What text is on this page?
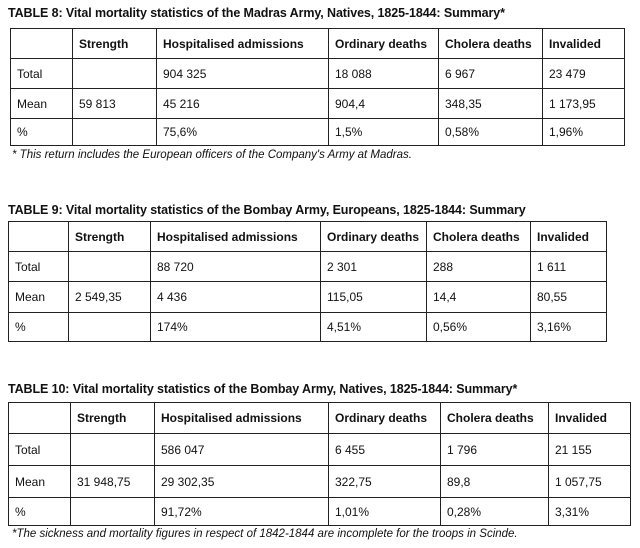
TABLE 8: Vital mortality statistics of the Madras Army, Natives, 1825-1844: Summary*
	Strength	Hospitalised admissions	Ordinary deaths	Cholera deaths	Invalided
Total		904 325	18 088	6 967	23 479
Mean	59 813	45 216	904,4	348,35	1 173,95
%		75,6%	1,5%	0,58%	1,96%
* This return includes the European officers of the Company's Army at Madras.
TABLE 9: Vital mortality statistics of the Bombay Army, Europeans, 1825-1844: Summary
	Strength	Hospitalised admissions	Ordinary deaths	Cholera deaths	Invalided
Total		88 720	2 301	288	1 611
Mean	2 549,35	4 436	115,05	14,4	80,55
%		174%	4,51%	0,56%	3,16%
TABLE 10: Vital mortality statistics of the Bombay Army, Natives, 1825-1844: Summary*
	Strength	Hospitalised admissions	Ordinary deaths	Cholera deaths	Invalided
Total		586 047	6 455	1 796	21 155
Mean	31 948,75	29 302,35	322,75	89,8	1 057,75
%		91,72%	1,01%	0,28%	3,31%
*The sickness and mortality figures in respect of 1842-1844 are incomplete for the troops in Scinde.
